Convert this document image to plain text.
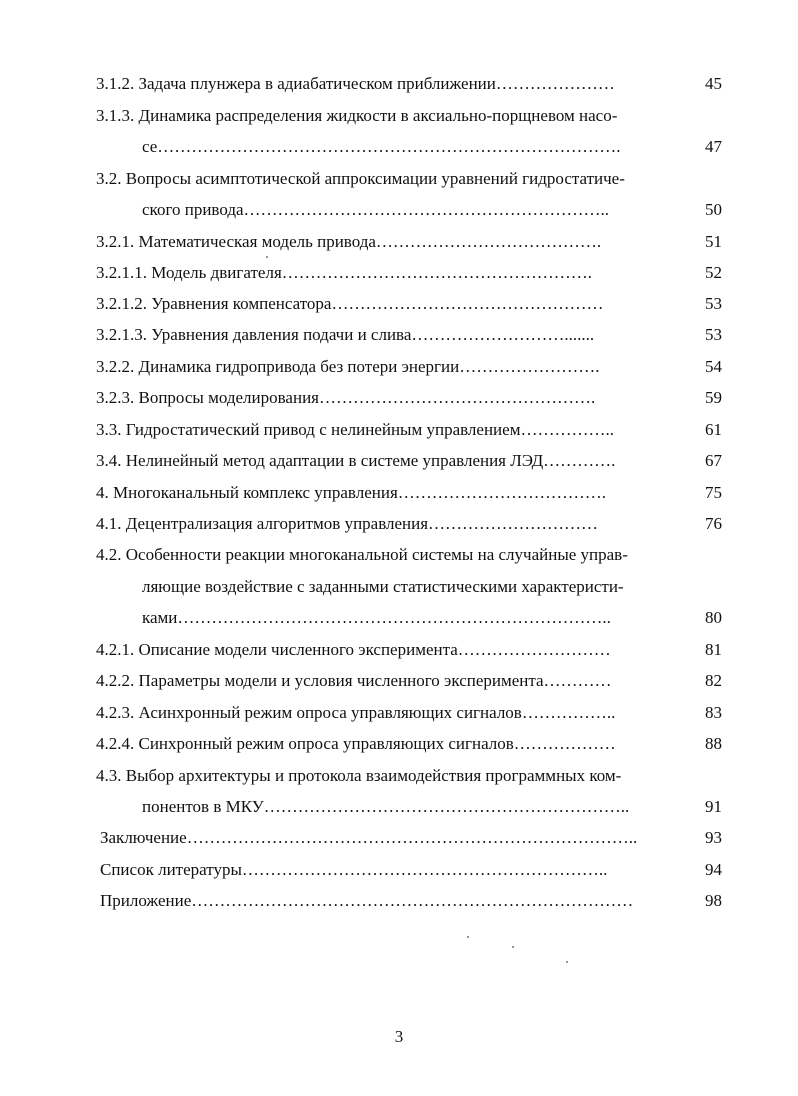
3.1.2. Задача плунжера в адиабатическом приближении…………………	45
3.1.3. Динамика распределения жидкости в аксиально-порщневом насо-
се……………………………………………………………………….	47
3.2. Вопросы асимптотической аппроксимации уравнений гидростатиче-
ского привода………………………………………………………..	50
3.2.1. Математическая модель привода………………………………….	51
3.2.1.1. Модель двигателя……………………………………………….	52
3.2.1.2. Уравнения компенсатора…………………………………………	53
3.2.1.3. Уравнения давления подачи и слива……………………….......	53
3.2.2. Динамика гидропривода без потери энергии…………………….	54
3.2.3. Вопросы моделирования………………………………………….	59
3.3. Гидростатический привод с нелинейным управлением……………..	61
3.4. Нелинейный метод адаптации в системе управления ЛЭД………….	67
4. Многоканальный комплекс управления……………………………….	75
4.1. Децентрализация алгоритмов управления…………………………	76
4.2. Особенности реакции многоканальной системы на случайные управ-
ляющие воздействие с заданными статистическими характеристи-
ками…………………………………………………………………..	80
4.2.1. Описание модели численного эксперимента………………………	81
4.2.2. Параметры модели и условия численного эксперимента…………	82
4.2.3. Асинхронный режим опроса управляющих сигналов……………..	83
4.2.4. Синхронный режим опроса управляющих сигналов………………	88
4.3. Выбор архитектуры и протокола взаимодействия программных ком-
понентов в МКУ………………………………………………………..	91
Заключение……………………………………………………………………..	93
Список литературы………………………………………………………..	94
Приложение……………………………………………………………………	98
3
